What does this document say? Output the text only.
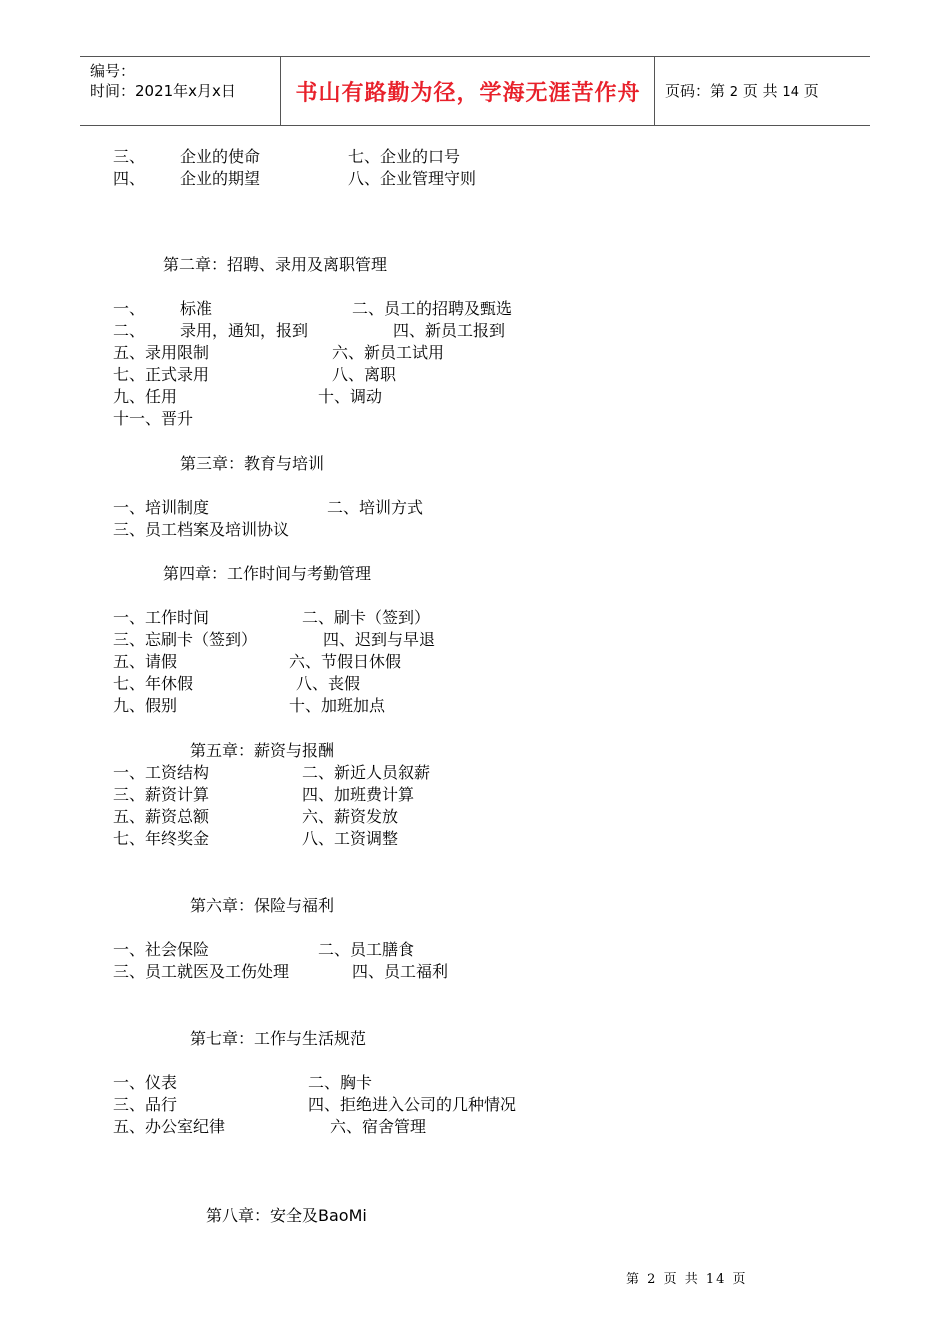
编号：
时间：2021年x月x日	书山有路勤为径，学海无涯苦作舟	页码：第 2 页 共 14 页
三、 企业的使命	七、企业的口号
四、 企业的期望	八、企业管理守则
第二章：招聘、录用及离职管理
一、 标准	二、员工的招聘及甄选
二、 录用，通知，报到	四、新员工报到
五、录用限制	六、新员工试用
七、正式录用	八、离职
九、任用	十、调动
十一、晋升
第三章：教育与培训
一、培训制度	二、培训方式
三、员工档案及培训协议
第四章：工作时间与考勤管理
一、工作时间	二、刷卡（签到）
三、忘刷卡（签到）	四、迟到与早退
五、请假	六、节假日休假
七、年休假	八、丧假
九、假别	十、加班加点
第五章：薪资与报酬
一、工资结构	二、新近人员叙薪
三、薪资计算	四、加班费计算
五、薪资总额	六、薪资发放
七、年终奖金	八、工资调整
第六章：保险与福利
一、社会保险	二、员工膳食
三、员工就医及工伤处理	四、员工福利
第七章：工作与生活规范
一、仪表	二、胸卡
三、品行	四、拒绝进入公司的几种情况
五、办公室纪律	六、宿舍管理
第八章：安全及BaoMi
第 2 页 共 14 页
